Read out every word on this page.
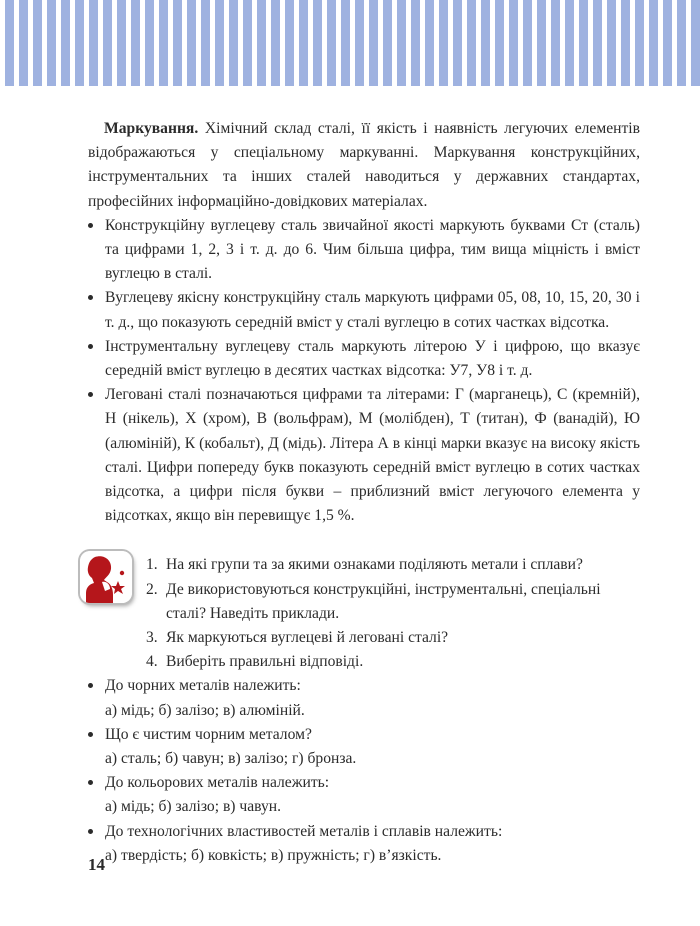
Маркування. Хімічний склад сталі, її якість і наявність легуючих елементів відображаються у спеціальному маркуванні. Маркування конструкційних, інструментальних та інших сталей наводиться у державних стандартах, професійних інформаційно-довідкових матеріалах.

Конструкційну вуглецеву сталь звичайної якості маркують буквами Ст (сталь) та цифрами 1, 2, 3 і т. д. до 6. Чим більша цифра, тим вища міцність і вміст вуглецю в сталі.
Вуглецеву якісну конструкційну сталь маркують цифрами 05, 08, 10, 15, 20, 30 і т. д., що показують середній вміст у сталі вуглецю в сотих частках відсотка.
Інструментальну вуглецеву сталь маркують літерою У і цифрою, що вказує середній вміст вуглецю в десятих частках відсотка: У7, У8 і т. д.
Леговані сталі позначаються цифрами та літерами: Г (марганець), С (кремній), Н (нікель), Х (хром), В (вольфрам), М (молібден), Т (титан), Ф (ванадій), Ю (алюміній), К (кобальт), Д (мідь). Літера А в кінці марки вказує на високу якість сталі. Цифри попереду букв показують середній вміст вуглецю в сотих частках відсотка, а цифри після букви – приблизний вміст легуючого елемента у відсотках, якщо він перевищує 1,5 %.
1. На які групи та за якими ознаками поділяють метали і сплави?
2. Де використовуються конструкційні, інструментальні, спеціальні сталі? Наведіть приклади.
3. Як маркуються вуглецеві й леговані сталі?
4. Виберіть правильні відповіді.
До чорних металів належить:
а) мідь; б) залізо; в) алюміній.
Що є чистим чорним металом?
а) сталь; б) чавун; в) залізо; г) бронза.
До кольорових металів належить:
а) мідь; б) залізо; в) чавун.
До технологічних властивостей металів і сплавів належить:
а) твердість; б) ковкість; в) пружність; г) в’язкість.
14
